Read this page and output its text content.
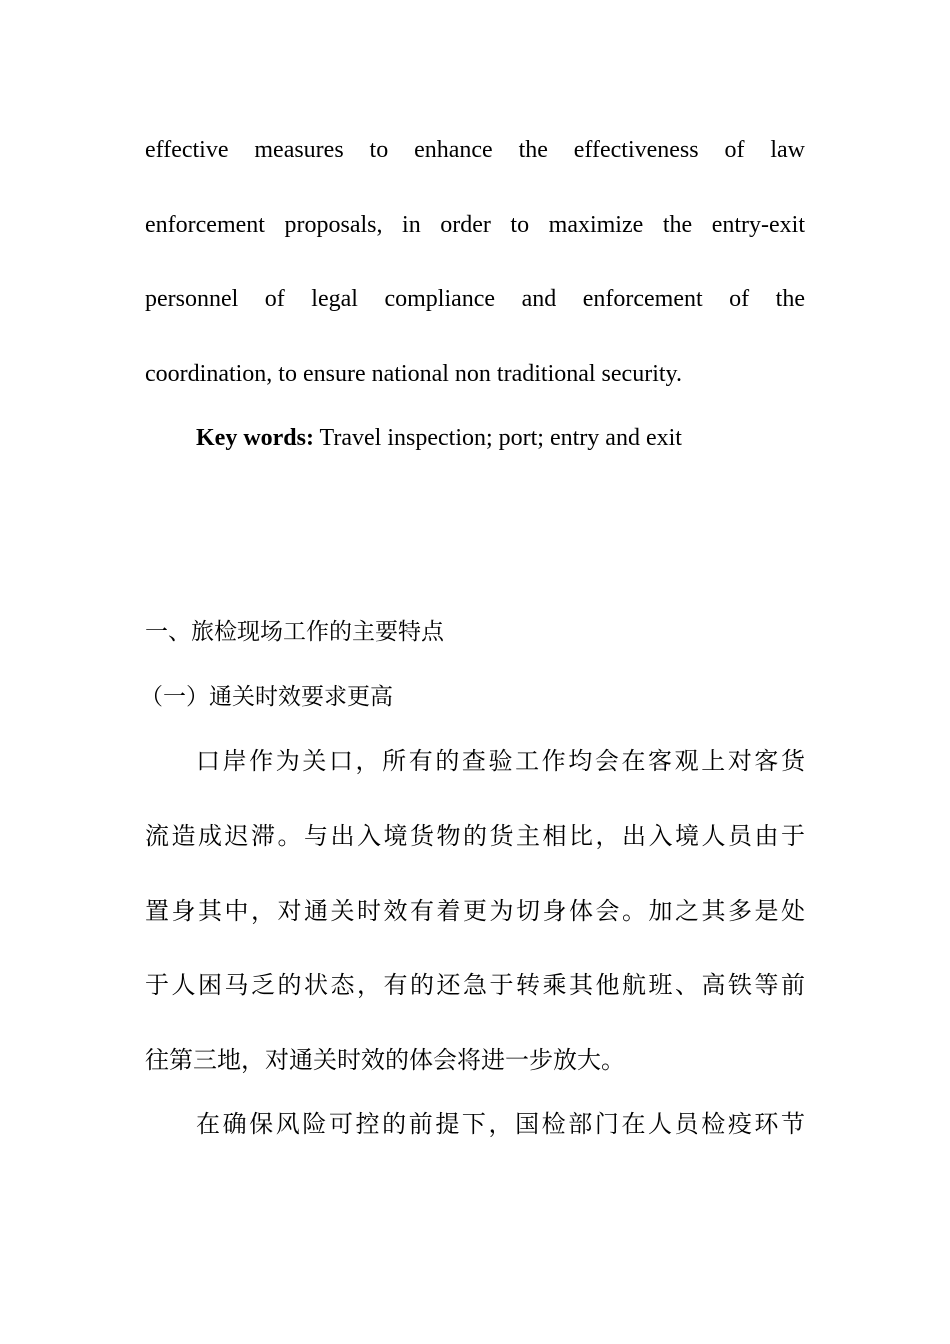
effective measures to enhance the effectiveness of law
enforcement proposals, in order to maximize the entry-exit
personnel of legal compliance and enforcement of the
coordination, to ensure national non traditional security.
Key words: Travel inspection; port; entry and exit
一、旅检现场工作的主要特点
（一）通关时效要求更高
口岸作为关口，所有的查验工作均会在客观上对客货
流造成迟滞。与出入境货物的货主相比，出入境人员由于
置身其中，对通关时效有着更为切身体会。加之其多是处
于人困马乏的状态，有的还急于转乘其他航班、高铁等前
往第三地，对通关时效的体会将进一步放大。
在确保风险可控的前提下，国检部门在人员检疫环节
